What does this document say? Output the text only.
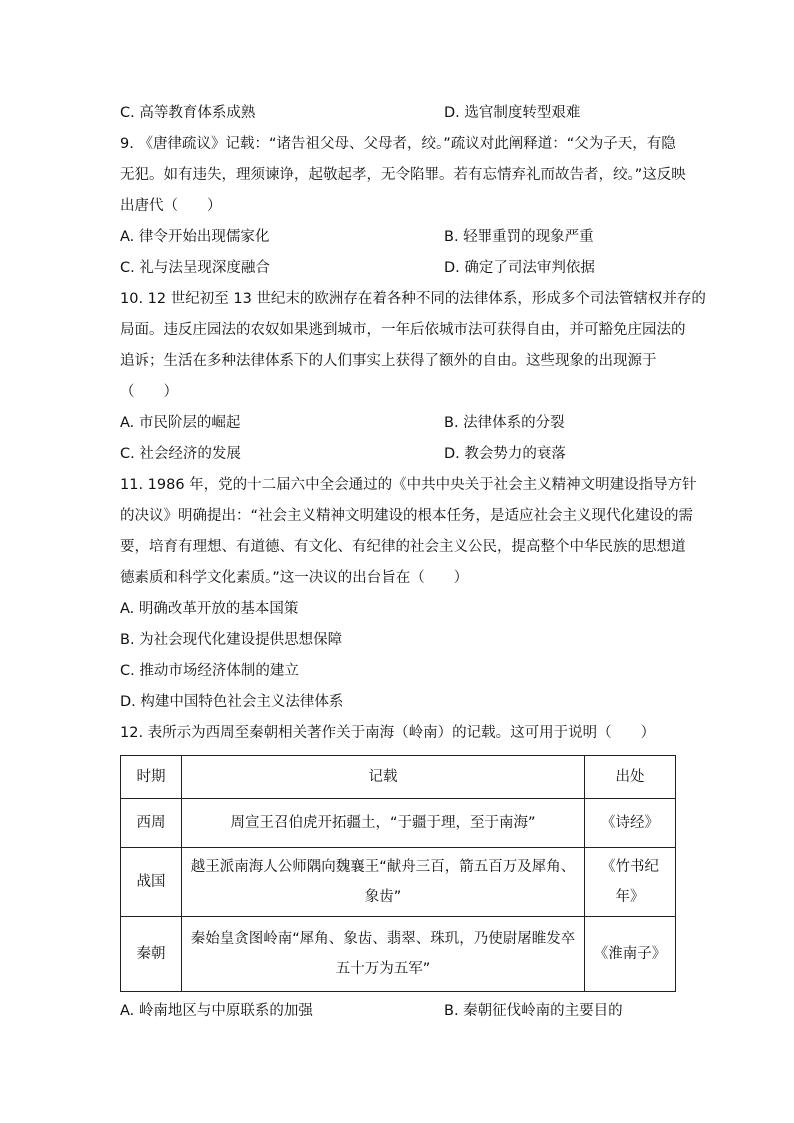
C. 高等教育体系成熟	D. 选官制度转型艰难
9. 《唐律疏议》记载：“诸告祖父母、父母者，绞。”疏议对此阐释道：“父为子天，有隐
无犯。如有违失，理须谏诤，起敬起孝，无令陷罪。若有忘情弃礼而故告者，绞。”这反映
出唐代（　　）
A. 律令开始出现儒家化	B. 轻罪重罚的现象严重
C. 礼与法呈现深度融合	D. 确定了司法审判依据
10. 12 世纪初至 13 世纪末的欧洲存在着各种不同的法律体系，形成多个司法管辖权并存的
局面。违反庄园法的农奴如果逃到城市，一年后依城市法可获得自由，并可豁免庄园法的
追诉；生活在多种法律体系下的人们事实上获得了额外的自由。这些现象的出现源于
（　　）
A. 市民阶层的崛起	B. 法律体系的分裂
C. 社会经济的发展	D. 教会势力的衰落
11. 1986 年，党的十二届六中全会通过的《中共中央关于社会主义精神文明建设指导方针
的决议》明确提出：“社会主义精神文明建设的根本任务，是适应社会主义现代化建设的需
要，培育有理想、有道德、有文化、有纪律的社会主义公民，提高整个中华民族的思想道
德素质和科学文化素质。”这一决议的出台旨在（　　）
A. 明确改革开放的基本国策
B. 为社会现代化建设提供思想保障
C. 推动市场经济体制的建立
D. 构建中国特色社会主义法律体系
12. 表所示为西周至秦朝相关著作关于南海（岭南）的记载。这可用于说明（　　）
时期	记载	出处
西周	周宣王召伯虎开拓疆土，“于疆于理，至于南海”	《诗经》
战国	越王派南海人公师隅向魏襄王“献舟三百，箭五百万及犀角、象齿”	《竹书纪年》
秦朝	秦始皇贪图岭南“犀角、象齿、翡翠、珠玑，乃使尉屠睢发卒五十万为五军”	《淮南子》
A. 岭南地区与中原联系的加强	B. 秦朝征伐岭南的主要目的
